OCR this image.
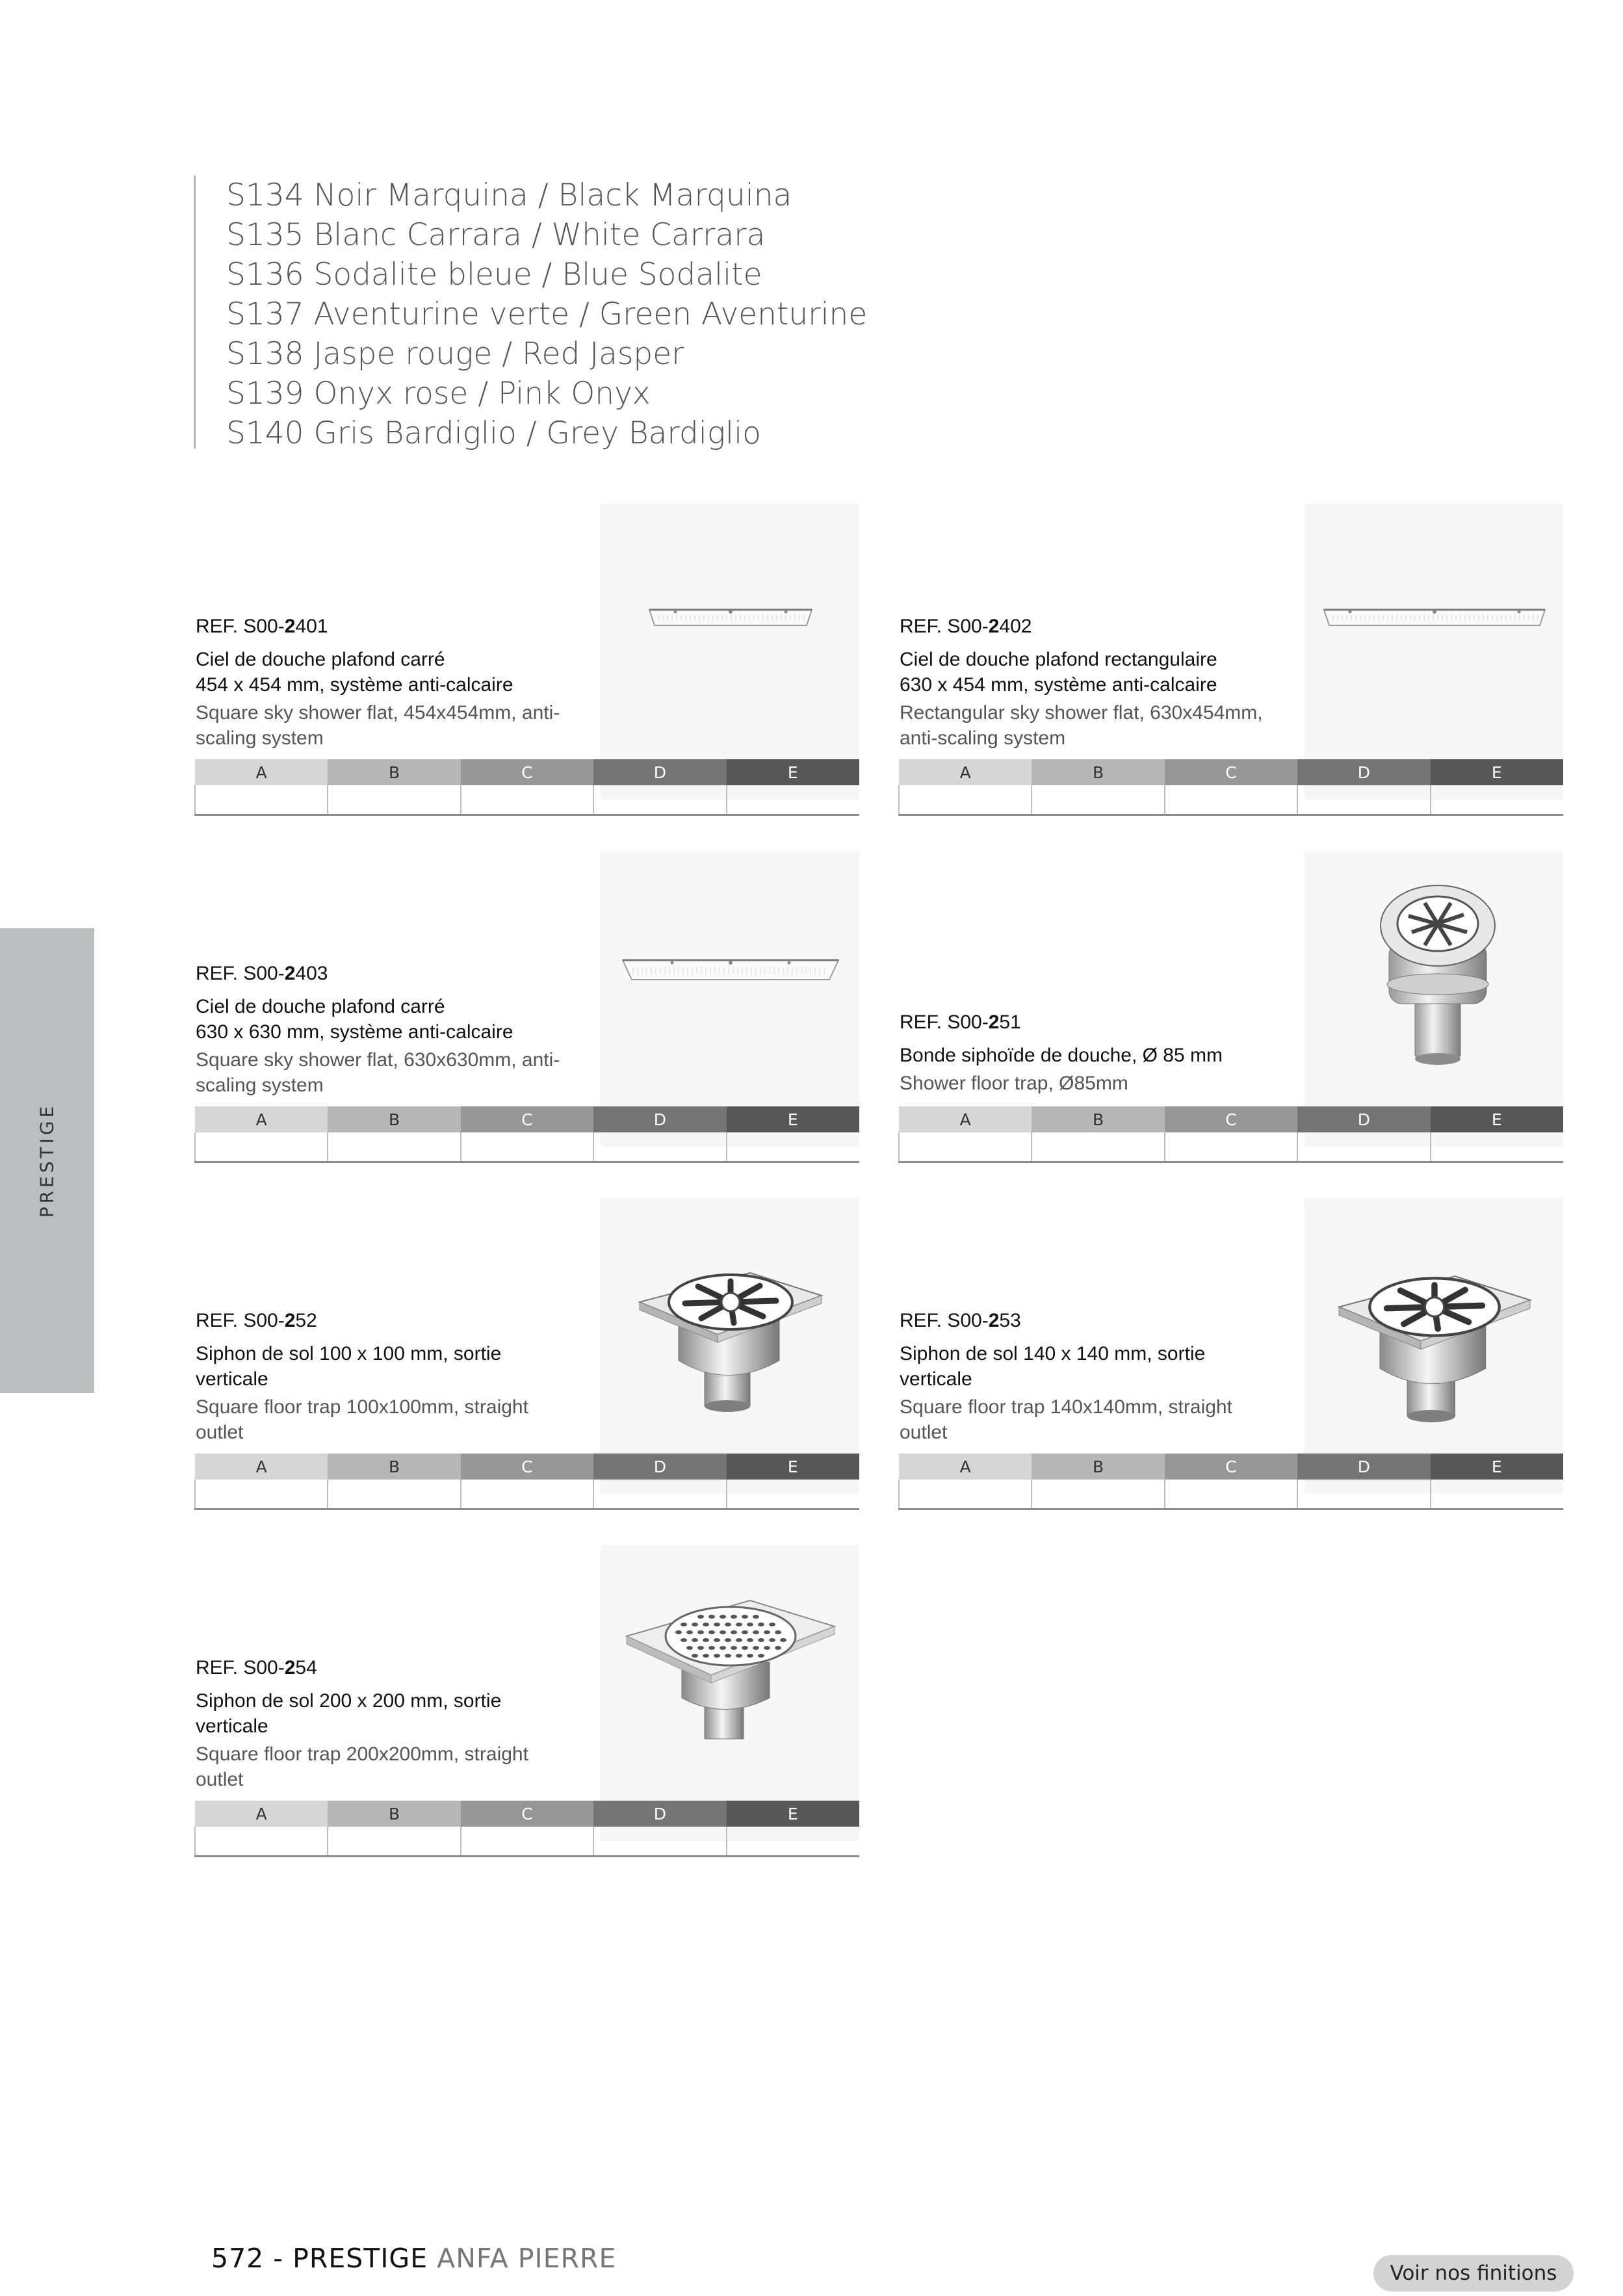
S134 Noir Marquina / Black Marquina
S135 Blanc Carrara / White Carrara
S136 Sodalite bleue / Blue Sodalite
S137 Aventurine verte / Green Aventurine
S138 Jaspe rouge / Red Jasper
S139 Onyx rose / Pink Onyx
S140 Gris Bardiglio / Grey Bardiglio
PRESTIGE
REF. S00-2401
Ciel de douche plafond carré
454 x 454 mm, système anti-calcaire
Square sky shower flat, 454x454mm, anti-
scaling system
A	B	C	D	E

REF. S00-2402
Ciel de douche plafond rectangulaire
630 x 454 mm, système anti-calcaire
Rectangular sky shower flat, 630x454mm,
anti-scaling system
A	B	C	D	E

REF. S00-2403
Ciel de douche plafond carré
630 x 630 mm, système anti-calcaire
Square sky shower flat, 630x630mm, anti-
scaling system
A	B	C	D	E

REF. S00-251
Bonde siphoïde de douche, Ø 85 mm
Shower floor trap, Ø85mm
A	B	C	D	E

REF. S00-252
Siphon de sol 100 x 100 mm, sortie
verticale
Square floor trap 100x100mm, straight
outlet
A	B	C	D	E

REF. S00-253
Siphon de sol 140 x 140 mm, sortie
verticale
Square floor trap 140x140mm, straight
outlet
A	B	C	D	E

REF. S00-254
Siphon de sol 200 x 200 mm, sortie
verticale
Square floor trap 200x200mm, straight
outlet
A	B	C	D	E

572 - PRESTIGE ANFA PIERRE	Voir nos finitions
